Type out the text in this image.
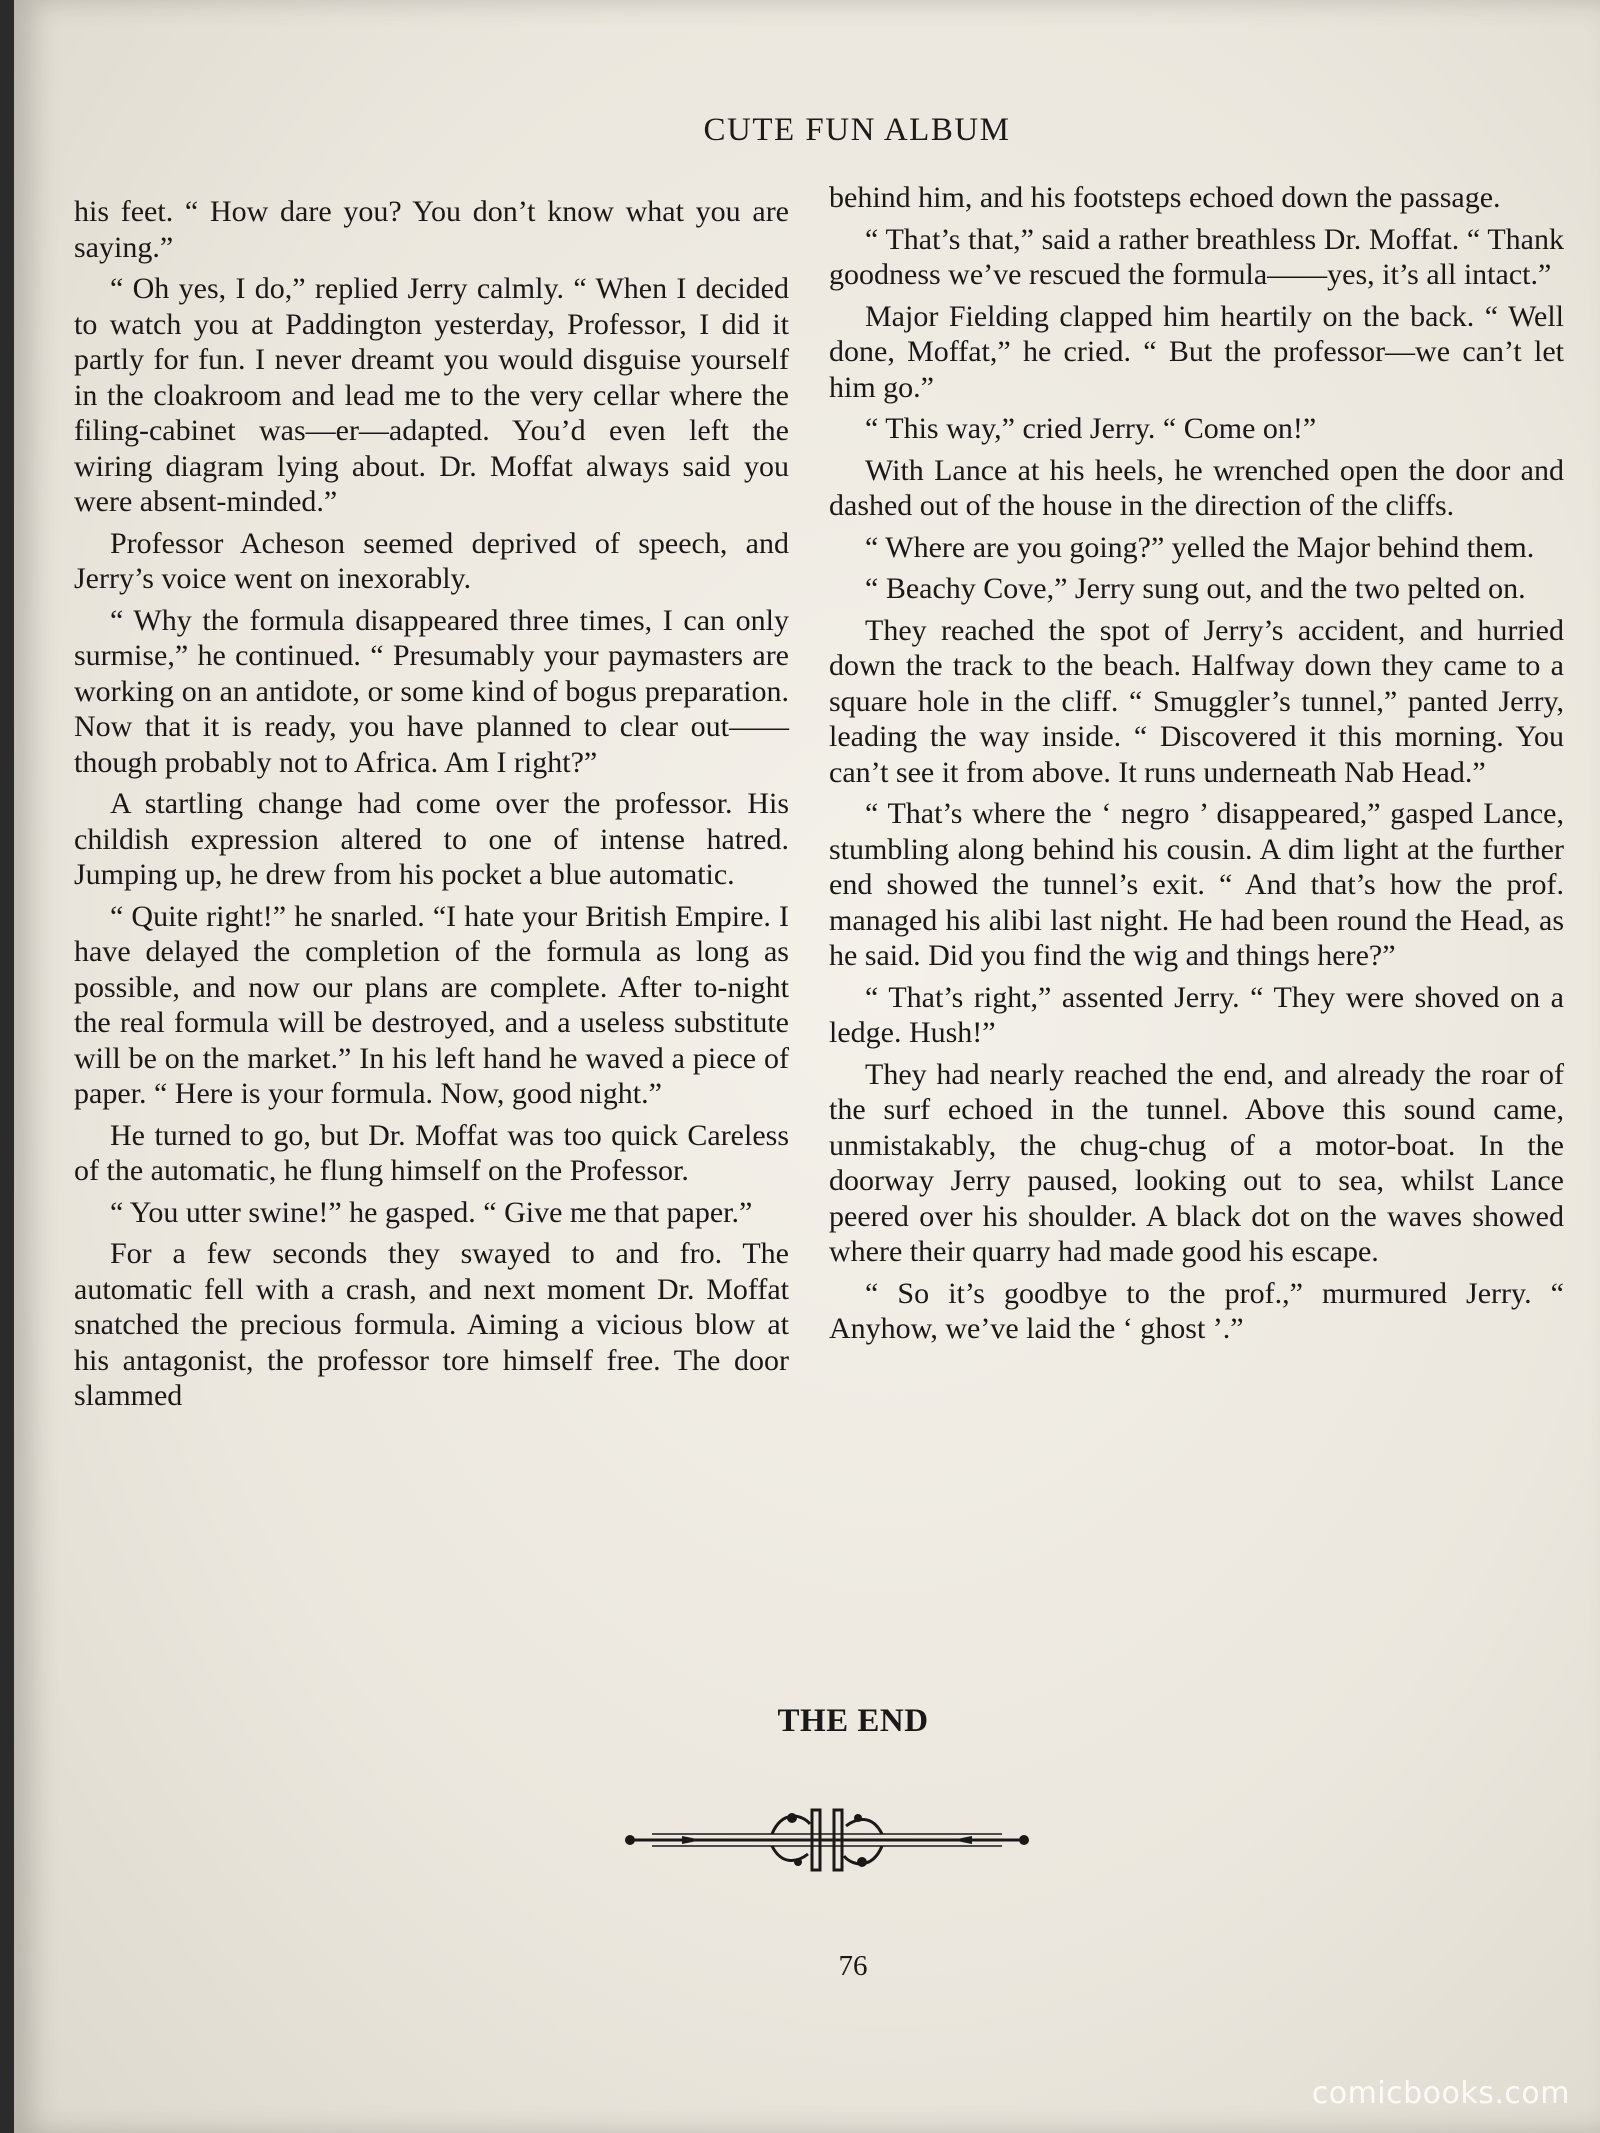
CUTE FUN ALBUM

his feet. “ How dare you? You don’t know what you are saying.”

“ Oh yes, I do,” replied Jerry calmly. “ When I decided to watch you at Paddington yesterday, Professor, I did it partly for fun. I never dreamt you would disguise yourself in the cloakroom and lead me to the very cellar where the filing-cabinet was—er—adapted. You’d even left the wiring diagram lying about. Dr. Moffat always said you were absent-minded.”

Professor Acheson seemed deprived of speech, and Jerry’s voice went on inexorably.

“ Why the formula disappeared three times, I can only surmise,” he continued. “ Presumably your paymasters are working on an antidote, or some kind of bogus preparation. Now that it is ready, you have planned to clear out——though probably not to Africa. Am I right?”

A startling change had come over the professor. His childish expression altered to one of intense hatred. Jumping up, he drew from his pocket a blue automatic.

“ Quite right!” he snarled. “I hate your British Empire. I have delayed the completion of the formula as long as possible, and now our plans are complete. After to-night the real formula will be destroyed, and a useless substitute will be on the market.” In his left hand he waved a piece of paper. “ Here is your formula. Now, good night.”

He turned to go, but Dr. Moffat was too quick Careless of the automatic, he flung himself on the Professor.

“ You utter swine!” he gasped. “ Give me that paper.”

For a few seconds they swayed to and fro. The automatic fell with a crash, and next moment Dr. Moffat snatched the precious formula. Aiming a vicious blow at his antagonist, the professor tore himself free. The door slammed

behind him, and his footsteps echoed down the passage.

“ That’s that,” said a rather breathless Dr. Moffat. “ Thank goodness we’ve rescued the formula——yes, it’s all intact.”

Major Fielding clapped him heartily on the back. “ Well done, Moffat,” he cried. “ But the professor—we can’t let him go.”

“ This way,” cried Jerry. “ Come on!”

With Lance at his heels, he wrenched open the door and dashed out of the house in the direction of the cliffs.

“ Where are you going?” yelled the Major behind them.

“ Beachy Cove,” Jerry sung out, and the two pelted on.

They reached the spot of Jerry’s accident, and hurried down the track to the beach. Halfway down they came to a square hole in the cliff. “ Smuggler’s tunnel,” panted Jerry, leading the way inside. “ Discovered it this morning. You can’t see it from above. It runs underneath Nab Head.”

“ That’s where the ‘ negro ’ disappeared,” gasped Lance, stumbling along behind his cousin. A dim light at the further end showed the tunnel’s exit. “ And that’s how the prof. managed his alibi last night. He had been round the Head, as he said. Did you find the wig and things here?”

“ That’s right,” assented Jerry. “ They were shoved on a ledge. Hush!”

They had nearly reached the end, and already the roar of the surf echoed in the tunnel. Above this sound came, unmistakably, the chug-chug of a motor-boat. In the doorway Jerry paused, looking out to sea, whilst Lance peered over his shoulder. A black dot on the waves showed where their quarry had made good his escape.

“ So it’s goodbye to the prof.,” murmured Jerry. “ Anyhow, we’ve laid the ‘ ghost ’.”

THE END
76
comicbooks.com
